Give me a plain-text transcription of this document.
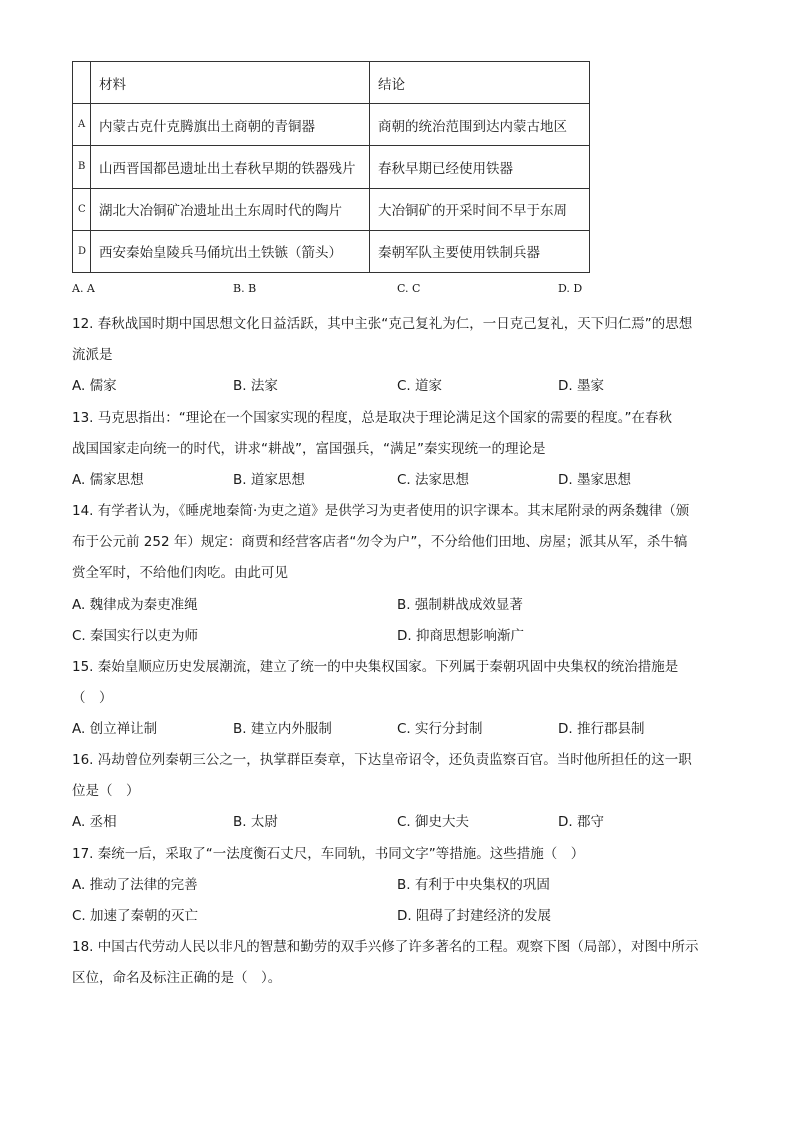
	材料	结论
A	内蒙古克什克腾旗出土商朝的青铜器	商朝的统治范围到达内蒙古地区
B	山西晋国都邑遗址出土春秋早期的铁器残片	春秋早期已经使用铁器
C	湖北大冶铜矿冶遗址出土东周时代的陶片	大冶铜矿的开采时间不早于东周
D	西安秦始皇陵兵马俑坑出土铁镞（箭头）	秦朝军队主要使用铁制兵器
A. A	B. B	C. C	D. D
12. 春秋战国时期中国思想文化日益活跃，其中主张“克己复礼为仁，一日克己复礼，天下归仁焉”的思想
流派是
A. 儒家	B. 法家	C. 道家	D. 墨家
13. 马克思指出：“理论在一个国家实现的程度，总是取决于理论满足这个国家的需要的程度。”在春秋
战国国家走向统一的时代，讲求“耕战”，富国强兵，“满足”秦实现统一的理论是
A. 儒家思想	B. 道家思想	C. 法家思想	D. 墨家思想
14. 有学者认为，《睡虎地秦简·为吏之道》是供学习为吏者使用的识字课本。其末尾附录的两条魏律（颁
布于公元前 252 年）规定：商贾和经营客店者“勿令为户”，不分给他们田地、房屋；派其从军，杀牛犒
赏全军时，不给他们肉吃。由此可见
A. 魏律成为秦吏准绳	B. 强制耕战成效显著
C. 秦国实行以吏为师	D. 抑商思想影响渐广
15. 秦始皇顺应历史发展潮流，建立了统一的中央集权国家。下列属于秦朝巩固中央集权的统治措施是
（　）
A. 创立禅让制	B. 建立内外服制	C. 实行分封制	D. 推行郡县制
16. 冯劫曾位列秦朝三公之一，执掌群臣奏章，下达皇帝诏令，还负责监察百官。当时他所担任的这一职
位是（　）
A. 丞相	B. 太尉	C. 御史大夫	D. 郡守
17. 秦统一后，采取了“一法度衡石丈尺，车同轨，书同文字”等措施。这些措施（　）
A. 推动了法律的完善	B. 有利于中央集权的巩固
C. 加速了秦朝的灭亡	D. 阻碍了封建经济的发展
18. 中国古代劳动人民以非凡的智慧和勤劳的双手兴修了许多著名的工程。观察下图（局部），对图中所示
区位，命名及标注正确的是（　）。
